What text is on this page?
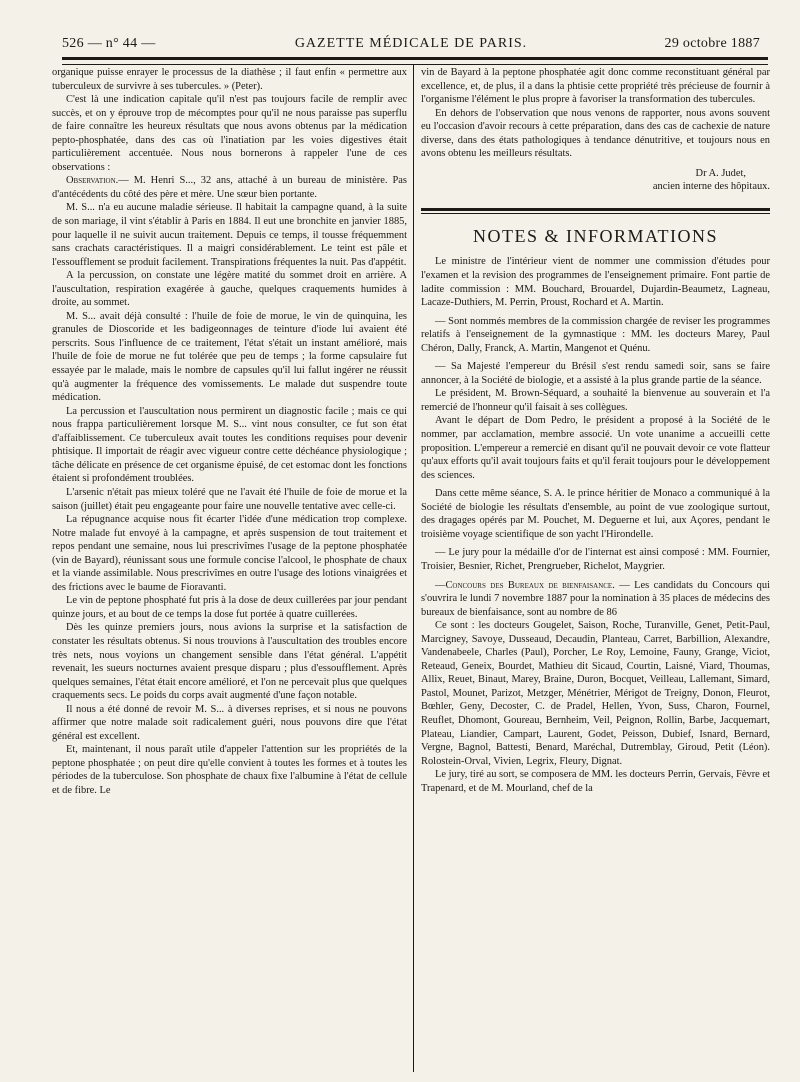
526 — n° 44 —	GAZETTE MÉDICALE DE PARIS.	29 octobre 1887

organique puisse enrayer le processus de la diathèse ; il faut enfin « permettre aux tuberculeux de survivre à ses tubercules. » (Peter).

C'est là une indication capitale qu'il n'est pas toujours facile de remplir avec succès, et on y éprouve trop de mécomptes pour qu'il ne nous paraisse pas superflu de faire connaître les heureux résultats que nous avons obtenus par la médication pepto-phosphatée, dans des cas où l'inatiation par les voies digestives était particulièrement accentuée. Nous nous bornerons à rappeler l'une de ces observations :

Observation.— M. Henri S..., 32 ans, attaché à un bureau de ministère. Pas d'antécédents du côté des père et mère. Une sœur bien portante.

M. S... n'a eu aucune maladie sérieuse. Il habitait la campagne quand, à la suite de son mariage, il vint s'établir à Paris en 1884. Il eut une bronchite en janvier 1885, pour laquelle il ne suivit aucun traitement. Depuis ce temps, il tousse fréquemment sans crachats caractéristiques. Il a maigri considérablement. Le teint est pâle et l'essoufflement se produit facilement. Transpirations fréquentes la nuit. Pas d'appétit.

A la percussion, on constate une légère matité du sommet droit en arrière. A l'auscultation, respiration exagérée à gauche, quelques craquements humides à droite, au sommet.

M. S... avait déjà consulté : l'huile de foie de morue, le vin de quinquina, les granules de Dioscoride et les badigeonnages de teinture d'iode lui avaient été perscrits. Sous l'influence de ce traitement, l'état s'était un instant amélioré, mais l'huile de foie de morue ne fut tolérée que peu de temps ; la forme capsulaire fut essayée par le malade, mais le nombre de capsules qu'il lui fallut ingérer ne réussit qu'à augmenter la fréquence des vomissements. Le malade dut suspendre toute médication.

La percussion et l'auscultation nous permirent un diagnostic facile ; mais ce qui nous frappa particulièrement lorsque M. S... vint nous consulter, ce fut son état d'affaiblissement. Ce tuberculeux avait toutes les conditions requises pour devenir phtisique. Il importait de réagir avec vigueur contre cette déchéance physiologique ; tâche délicate en présence de cet organisme épuisé, de cet estomac dont les fonctions étaient si profondément troublées.

L'arsenic n'était pas mieux toléré que ne l'avait été l'huile de foie de morue et la saison (juillet) était peu engageante pour faire une nouvelle tentative avec celle-ci.

La répugnance acquise nous fit écarter l'idée d'une médication trop complexe. Notre malade fut envoyé à la campagne, et après suspension de tout traitement et repos pendant une semaine, nous lui prescrivîmes l'usage de la peptone phosphatée (vin de Bayard), réunissant sous une formule concise l'alcool, le phosphate de chaux et la viande assimilable. Nous prescrivîmes en outre l'usage des lotions vinaigrées et des frictions avec le baume de Fioravanti.

Le vin de peptone phosphaté fut pris à la dose de deux cuillerées par jour pendant quinze jours, et au bout de ce temps la dose fut portée à quatre cuillerées.

Dès les quinze premiers jours, nous avions la surprise et la satisfaction de constater les résultats obtenus. Si nous trouvions à l'auscultation des troubles encore très nets, nous voyions un changement sensible dans l'état général. L'appétit revenait, les sueurs nocturnes avaient presque disparu ; plus d'essoufflement. Après quelques semaines, l'état était encore amélioré, et l'on ne percevait plus que quelques craquements secs. Le poids du corps avait augmenté d'une façon notable.

Il nous a été donné de revoir M. S... à diverses reprises, et si nous ne pouvons affirmer que notre malade soit radicalement guéri, nous pouvons dire que l'état général est excellent.

Et, maintenant, il nous paraît utile d'appeler l'attention sur les propriétés de la peptone phosphatée ; on peut dire qu'elle convient à toutes les formes et à toutes les périodes de la tuberculose. Son phosphate de chaux fixe l'albumine à l'état de cellule et de fibre. Le

vin de Bayard à la peptone phosphatée agit donc comme reconstituant général par excellence, et, de plus, il a dans la phtisie cette propriété très précieuse de fournir à l'organisme l'élément le plus propre à favoriser la transformation des tubercules.

En dehors de l'observation que nous venons de rapporter, nous avons souvent eu l'occasion d'avoir recours à cette préparation, dans des cas de cachexie de nature diverse, dans des états pathologiques à tendance dénutritive, et toujours nous en avons obtenu les meilleurs résultats.

Dr A. Judet,

ancien interne des hôpitaux.

NOTES & INFORMATIONS

Le ministre de l'intérieur vient de nommer une commission d'études pour l'examen et la revision des programmes de l'enseignement primaire. Font partie de ladite commission : MM. Bouchard, Brouardel, Dujardin-Beaumetz, Lagneau, Lacaze-Duthiers, M. Perrin, Proust, Rochard et A. Martin.

— Sont nommés membres de la commission chargée de reviser les programmes relatifs à l'enseignement de la gymnastique : MM. les docteurs Marey, Paul Chéron, Dally, Franck, A. Martin, Mangenot et Quénu.

— Sa Majesté l'empereur du Brésil s'est rendu samedi soir, sans se faire annoncer, à la Société de biologie, et a assisté à la plus grande partie de la séance.

Le président, M. Brown-Séquard, a souhaité la bienvenue au souverain et l'a remercié de l'honneur qu'il faisait à ses collègues.

Avant le départ de Dom Pedro, le président a proposé à la Société de le nommer, par acclamation, membre associé. Un vote unanime a accueilli cette proposition. L'empereur a remercié en disant qu'il ne pouvait devoir ce vote flatteur qu'aux efforts qu'il avait toujours faits et qu'il ferait toujours pour le développement des sciences.

Dans cette même séance, S. A. le prince héritier de Monaco a communiqué à la Société de biologie les résultats d'ensemble, au point de vue zoologique surtout, des dragages opérés par M. Pouchet, M. Deguerne et lui, aux Açores, pendant le troisième voyage scientifique de son yacht l'Hirondelle.

— Le jury pour la médaille d'or de l'internat est ainsi composé : MM. Fournier, Troisier, Besnier, Richet, Prengrueber, Richelot, Maygrier.

—Concours des Bureaux de bienfaisance. — Les candidats du Concours qui s'ouvrira le lundi 7 novembre 1887 pour la nomination à 35 places de médecins des bureaux de bienfaisance, sont au nombre de 86

Ce sont : les docteurs Gougelet, Saison, Roche, Turanville, Genet, Petit-Paul, Marcigney, Savoye, Dusseaud, Decaudin, Planteau, Carret, Barbillion, Alexandre, Vandenabeele, Charles (Paul), Porcher, Le Roy, Lemoine, Fauny, Grange, Viciot, Reteaud, Geneix, Bourdet, Mathieu dit Sicaud, Courtin, Laisné, Viard, Thoumas, Allix, Reuet, Binaut, Marey, Braine, Duron, Bocquet, Veilleau, Lallemant, Simard, Pastol, Mounet, Parizot, Metzger, Ménétrier, Mérigot de Treigny, Donon, Fleurot, Bœhler, Geny, Decoster, C. de Pradel, Hellen, Yvon, Suss, Charon, Fournel, Reuflet, Dhomont, Goureau, Bernheim, Veil, Peignon, Rollin, Barbe, Jacquemart, Plateau, Liandier, Campart, Laurent, Godet, Peisson, Dubief, Isnard, Bernard, Vergne, Bagnol, Battesti, Benard, Maréchal, Dutremblay, Giroud, Petit (Léon). Rolostein-Orval, Vivien, Legrix, Fleury, Dignat.

Le jury, tiré au sort, se composera de MM. les docteurs Perrin, Gervais, Fèvre et Trapenard, et de M. Mourland, chef de la
